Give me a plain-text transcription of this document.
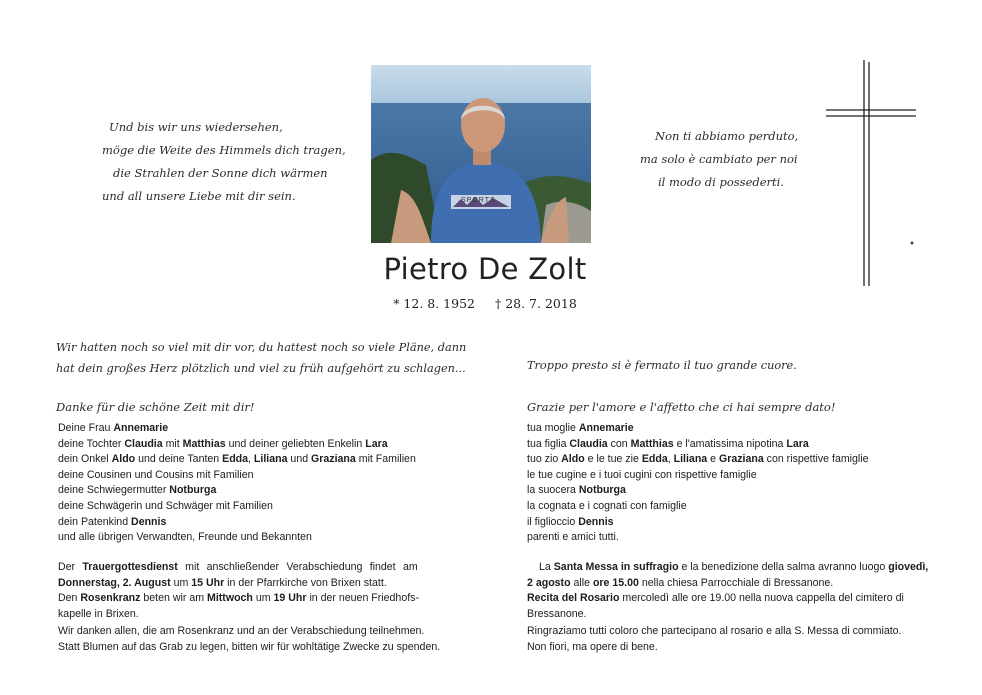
Und bis wir uns wiedersehen,
möge die Weite des Himmels dich tragen,
die Strahlen der Sonne dich wärmen
und all unsere Liebe mit dir sein.
Non ti abbiamo perduto,
ma solo è cambiato per noi
il modo di possederti.
SPORTS
Pietro De Zolt
* 12. 8. 1952 † 28. 7. 2018
Wir hatten noch so viel mit dir vor, du hattest noch so viele Pläne, dann
hat dein großes Herz plötzlich und viel zu früh aufgehört zu schlagen...
Danke für die schöne Zeit mit dir!
Deine Frau Annemarie
deine Tochter Claudia mit Matthias und deiner geliebten Enkelin Lara
dein Onkel Aldo und deine Tanten Edda, Liliana und Graziana mit Familien
deine Cousinen und Cousins mit Familien
deine Schwiegermutter Notburga
deine Schwägerin und Schwäger mit Familien
dein Patenkind Dennis
und alle übrigen Verwandten, Freunde und Bekannten
Der Trauergottesdienst mit anschließender Verabschiedung findet am
Donnerstag, 2. August um 15 Uhr in der Pfarrkirche von Brixen statt.
Den Rosenkranz beten wir am Mittwoch um 19 Uhr in der neuen Friedhofs-
kapelle in Brixen.
Wir danken allen, die am Rosenkranz und an der Verabschiedung teilnehmen.
Statt Blumen auf das Grab zu legen, bitten wir für wohltätige Zwecke zu spenden.
Troppo presto si è fermato il tuo grande cuore.
Grazie per l'amore e l'affetto che ci hai sempre dato!
tua moglie Annemarie
tua figlia Claudia con Matthias e l'amatissima nipotina Lara
tuo zio Aldo e le tue zie Edda, Liliana e Graziana con rispettive famiglie
le tue cugine e i tuoi cugini con rispettive famiglie
la suocera Notburga
la cognata e i cognati con famiglie
il figlioccio Dennis
parenti e amici tutti.
La Santa Messa in suffragio e la benedizione della salma avranno luogo giovedì,
2 agosto alle ore 15.00 nella chiesa Parrocchiale di Bressanone.
Recita del Rosario mercoledì alle ore 19.00 nella nuova cappella del cimitero di
Bressanone.
Ringraziamo tutti coloro che partecipano al rosario e alla S. Messa di commiato.
Non fiori, ma opere di bene.
